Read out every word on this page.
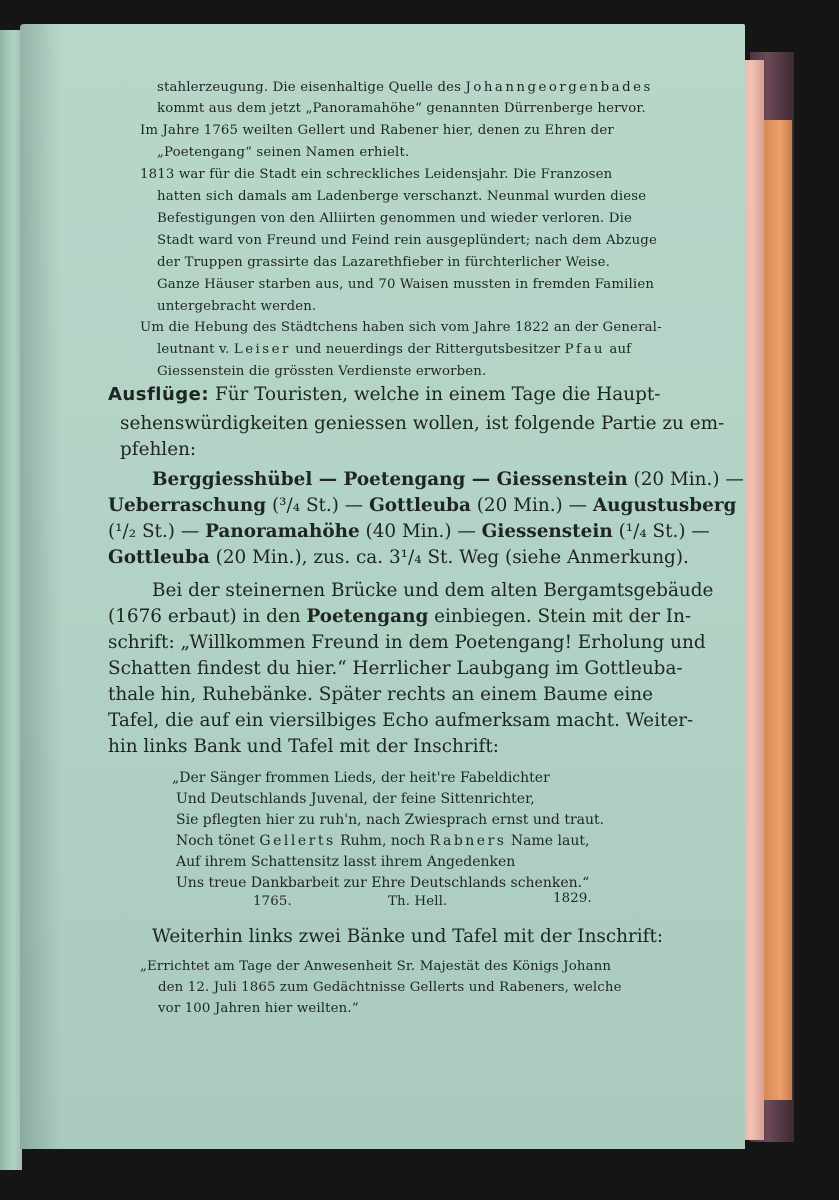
stahlerzeugung. Die eisenhaltige Quelle des Johanngeorgenbades
kommt aus dem jetzt „Panoramahöhe“ genannten Dürrenberge hervor.
Im Jahre 1765 weilten Gellert und Rabener hier, denen zu Ehren der
„Poetengang“ seinen Namen erhielt.
1813 war für die Stadt ein schreckliches Leidensjahr. Die Franzosen
hatten sich damals am Ladenberge verschanzt. Neunmal wurden diese
Befestigungen von den Alliirten genommen und wieder verloren. Die
Stadt ward von Freund und Feind rein ausgeplündert; nach dem Abzuge
der Truppen grassirte das Lazarethfieber in fürchterlicher Weise.
Ganze Häuser starben aus, und 70 Waisen mussten in fremden Familien
untergebracht werden.
Um die Hebung des Städtchens haben sich vom Jahre 1822 an der General-
leutnant v. Leiser und neuerdings der Rittergutsbesitzer Pfau auf
Giessenstein die grössten Verdienste erworben.
Ausflüge: Für Touristen, welche in einem Tage die Haupt-
sehenswürdigkeiten geniessen wollen, ist folgende Partie zu em-
pfehlen:
Berggiesshübel — Poetengang — Giessenstein (20 Min.) —
Ueberraschung (³/₄ St.) — Gottleuba (20 Min.) — Augustusberg
(¹/₂ St.) — Panoramahöhe (40 Min.) — Giessenstein (¹/₄ St.) —
Gottleuba (20 Min.), zus. ca. 3¹/₄ St. Weg (siehe Anmerkung).
Bei der steinernen Brücke und dem alten Bergamtsgebäude
(1676 erbaut) in den Poetengang einbiegen. Stein mit der In-
schrift: „Willkommen Freund in dem Poetengang! Erholung und
Schatten findest du hier.“ Herrlicher Laubgang im Gottleuba-
thale hin, Ruhebänke. Später rechts an einem Baume eine
Tafel, die auf ein viersilbiges Echo aufmerksam macht. Weiter-
hin links Bank und Tafel mit der Inschrift:
„Der Sänger frommen Lieds, der heit're Fabeldichter
Und Deutschlands Juvenal, der feine Sittenrichter,
Sie pflegten hier zu ruh'n, nach Zwiesprach ernst und traut.
Noch tönet Gellerts Ruhm, noch Rabners Name laut,
Auf ihrem Schattensitz lasst ihrem Angedenken
Uns treue Dankbarbeit zur Ehre Deutschlands schenken.“
1765.	Th. Hell.	1829.
Weiterhin links zwei Bänke und Tafel mit der Inschrift:
„Errichtet am Tage der Anwesenheit Sr. Majestät des Königs Johann
den 12. Juli 1865 zum Gedächtnisse Gellerts und Rabeners, welche
vor 100 Jahren hier weilten.“
